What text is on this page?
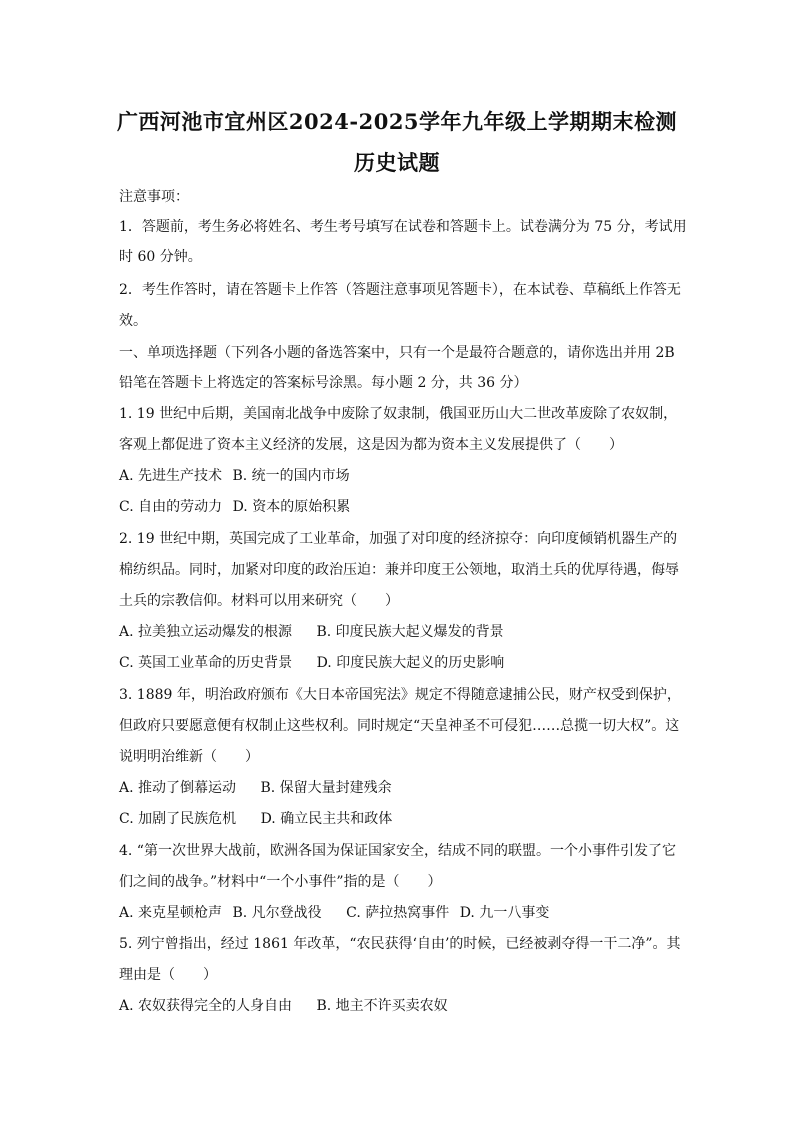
广西河池市宜州区2024-2025学年九年级上学期期末检测
历史试题
注意事项：
1．答题前，考生务必将姓名、考生考号填写在试卷和答题卡上。试卷满分为 75 分，考试用
时 60 分钟。
2．考生作答时，请在答题卡上作答（答题注意事项见答题卡），在本试卷、草稿纸上作答无
效。
一、单项选择题（下列各小题的备选答案中，只有一个是最符合题意的，请你选出并用 2B
铅笔在答题卡上将选定的答案标号涂黑。每小题 2 分，共 36 分）
1. 19 世纪中后期，美国南北战争中废除了奴隶制，俄国亚历山大二世改革废除了农奴制，
客观上都促进了资本主义经济的发展，这是因为都为资本主义发展提供了（　　）
A. 先进生产技术 B. 统一的国内市场
C. 自由的劳动力 D. 资本的原始积累
2. 19 世纪中期，英国完成了工业革命，加强了对印度的经济掠夺：向印度倾销机器生产的
棉纺织品。同时，加紧对印度的政治压迫：兼并印度王公领地，取消土兵的优厚待遇，侮辱
土兵的宗教信仰。材料可以用来研究（　　）
A. 拉美独立运动爆发的根源 B. 印度民族大起义爆发的背景
C. 英国工业革命的历史背景 D. 印度民族大起义的历史影响
3. 1889 年，明治政府颁布《大日本帝国宪法》规定不得随意逮捕公民，财产权受到保护，
但政府只要愿意便有权制止这些权利。同时规定“天皇神圣不可侵犯……总揽一切大权”。这
说明明治维新（　　）
A. 推动了倒幕运动 B. 保留大量封建残余
C. 加剧了民族危机 D. 确立民主共和政体
4. “第一次世界大战前，欧洲各国为保证国家安全，结成不同的联盟。一个小事件引发了它
们之间的战争。”材料中“一个小事件”指的是（　　）
A. 来克星顿枪声 B. 凡尔登战役 C. 萨拉热窝事件 D. 九一八事变
5. 列宁曾指出，经过 1861 年改革，“农民获得‘自由’的时候，已经被剥夺得一干二净”。其
理由是（　　）
A. 农奴获得完全的人身自由 B. 地主不许买卖农奴
